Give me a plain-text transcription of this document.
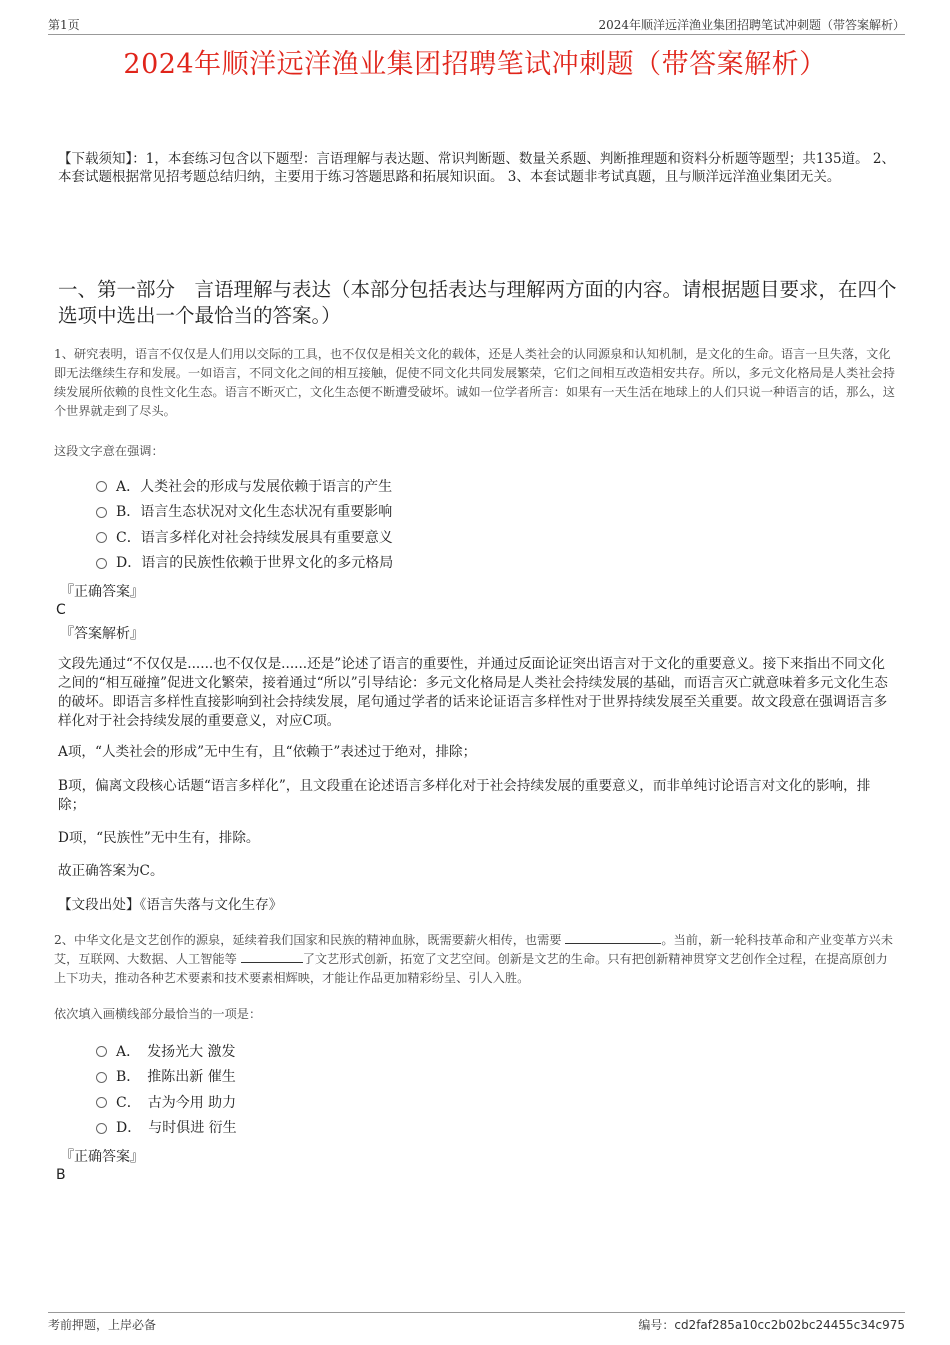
第1页	2024年顺洋远洋渔业集团招聘笔试冲刺题（带答案解析）
2024年顺洋远洋渔业集团招聘笔试冲刺题（带答案解析）
【下载须知】：1，本套练习包含以下题型：言语理解与表达题、常识判断题、数量关系题、判断推理题和资料分析题等题型；共135道。 2、本套试题根据常见招考题总结归纳，主要用于练习答题思路和拓展知识面。 3、本套试题非考试真题，且与顺洋远洋渔业集团无关。
一、第一部分　言语理解与表达（本部分包括表达与理解两方面的内容。请根据题目要求，在四个选项中选出一个最恰当的答案。）
1、研究表明，语言不仅仅是人们用以交际的工具，也不仅仅是相关文化的载体，还是人类社会的认同源泉和认知机制，是文化的生命。语言一旦失落，文化即无法继续生存和发展。一如语言，不同文化之间的相互接触，促使不同文化共同发展繁荣，它们之间相互改造相安共存。所以，多元文化格局是人类社会持续发展所依赖的良性文化生态。语言不断灭亡，文化生态便不断遭受破坏。诚如一位学者所言：如果有一天生活在地球上的人们只说一种语言的话，那么，这个世界就走到了尽头。
这段文字意在强调：
A．人类社会的形成与发展依赖于语言的产生
B．语言生态状况对文化生态状况有重要影响
C．语言多样化对社会持续发展具有重要意义
D．语言的民族性依赖于世界文化的多元格局
『正确答案』
C
『答案解析』
文段先通过“不仅仅是......也不仅仅是......还是”论述了语言的重要性，并通过反面论证突出语言对于文化的重要意义。接下来指出不同文化之间的“相互碰撞”促进文化繁荣，接着通过“所以”引导结论：多元文化格局是人类社会持续发展的基础，而语言灭亡就意味着多元文化生态的破坏。即语言多样性直接影响到社会持续发展，尾句通过学者的话来论证语言多样性对于世界持续发展至关重要。故文段意在强调语言多样化对于社会持续发展的重要意义，对应C项。
A项，“人类社会的形成”无中生有，且“依赖于”表述过于绝对，排除；
B项，偏离文段核心话题“语言多样化”，且文段重在论述语言多样化对于社会持续发展的重要意义，而非单纯讨论语言对文化的影响，排除；
D项，“民族性”无中生有，排除。
故正确答案为C。
【文段出处】《语言失落与文化生存》
2、中华文化是文艺创作的源泉，延续着我们国家和民族的精神血脉，既需要薪火相传，也需要	。当前，新一轮科技革命和产业变革方兴未艾，互联网、大数据、人工智能等	了文艺形式创新，拓宽了文艺空间。创新是文艺的生命。只有把创新精神贯穿文艺创作全过程，在提高原创力上下功夫，推动各种艺术要素和技术要素相辉映，才能让作品更加精彩纷呈、引人入胜。
依次填入画横线部分最恰当的一项是：
A．　发扬光大 激发
B．　推陈出新 催生
C．　古为今用 助力
D．　与时俱进 衍生
『正确答案』
B
考前押题，上岸必备	编号：cd2faf285a10cc2b02bc24455c34c975
